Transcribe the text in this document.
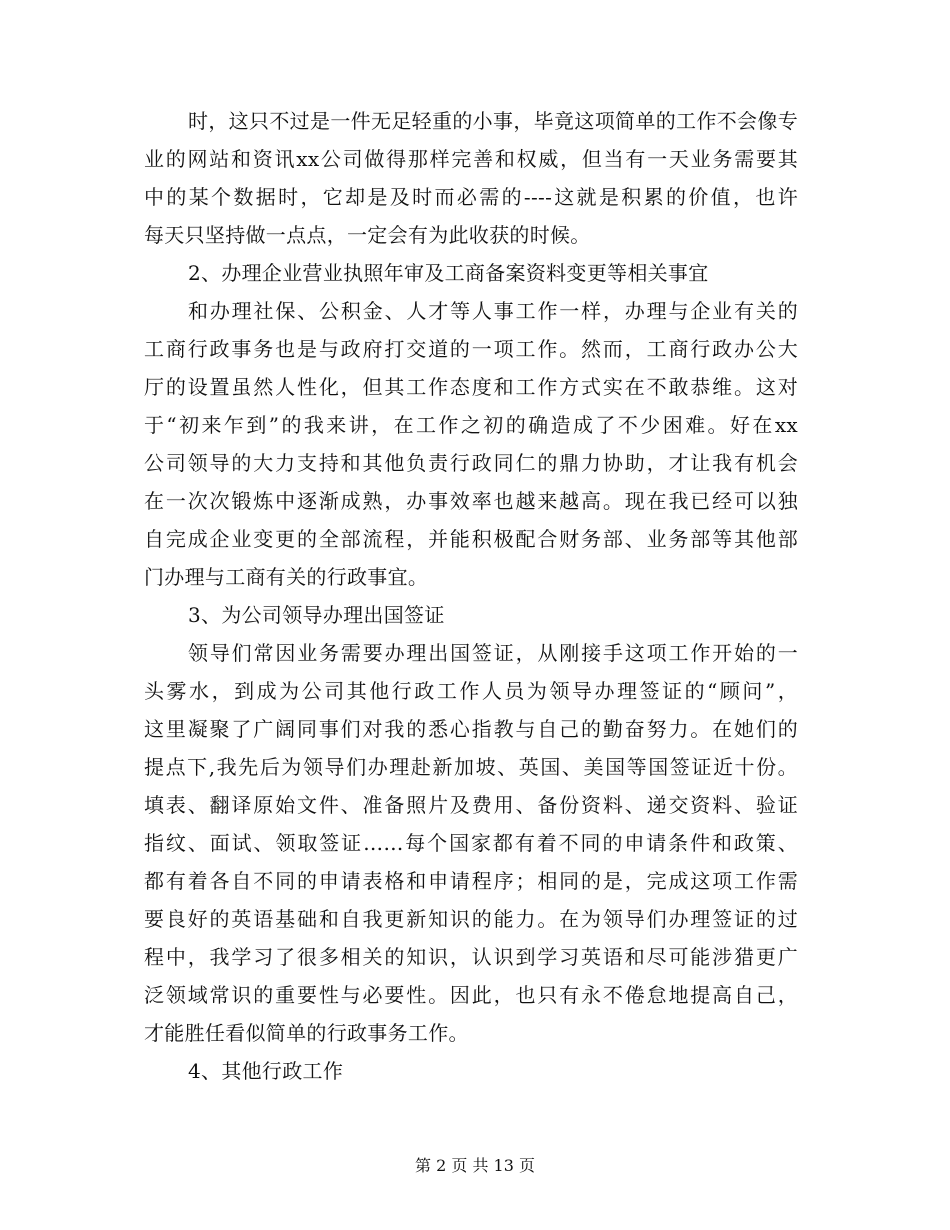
时，这只不过是一件无足轻重的小事，毕竟这项简单的工作不会像专
业的网站和资讯xx公司做得那样完善和权威，但当有一天业务需要其
中的某个数据时，它却是及时而必需的----这就是积累的价值，也许
每天只坚持做一点点，一定会有为此收获的时候。
2、办理企业营业执照年审及工商备案资料变更等相关事宜
和办理社保、公积金、人才等人事工作一样，办理与企业有关的
工商行政事务也是与政府打交道的一项工作。然而，工商行政办公大
厅的设置虽然人性化，但其工作态度和工作方式实在不敢恭维。这对
于“初来乍到”的我来讲，在工作之初的确造成了不少困难。好在xx
公司领导的大力支持和其他负责行政同仁的鼎力协助，才让我有机会
在一次次锻炼中逐渐成熟，办事效率也越来越高。现在我已经可以独
自完成企业变更的全部流程，并能积极配合财务部、业务部等其他部
门办理与工商有关的行政事宜。
3、为公司领导办理出国签证
领导们常因业务需要办理出国签证，从刚接手这项工作开始的一
头雾水，到成为公司其他行政工作人员为领导办理签证的“顾问”，
这里凝聚了广阔同事们对我的悉心指教与自己的勤奋努力。在她们的
提点下,我先后为领导们办理赴新加坡、英国、美国等国签证近十份。
填表、翻译原始文件、准备照片及费用、备份资料、递交资料、验证
指纹、面试、领取签证……每个国家都有着不同的申请条件和政策、
都有着各自不同的申请表格和申请程序；相同的是，完成这项工作需
要良好的英语基础和自我更新知识的能力。在为领导们办理签证的过
程中，我学习了很多相关的知识，认识到学习英语和尽可能涉猎更广
泛领域常识的重要性与必要性。因此，也只有永不倦怠地提高自己，
才能胜任看似简单的行政事务工作。
4、其他行政工作
第 2 页 共 13 页
